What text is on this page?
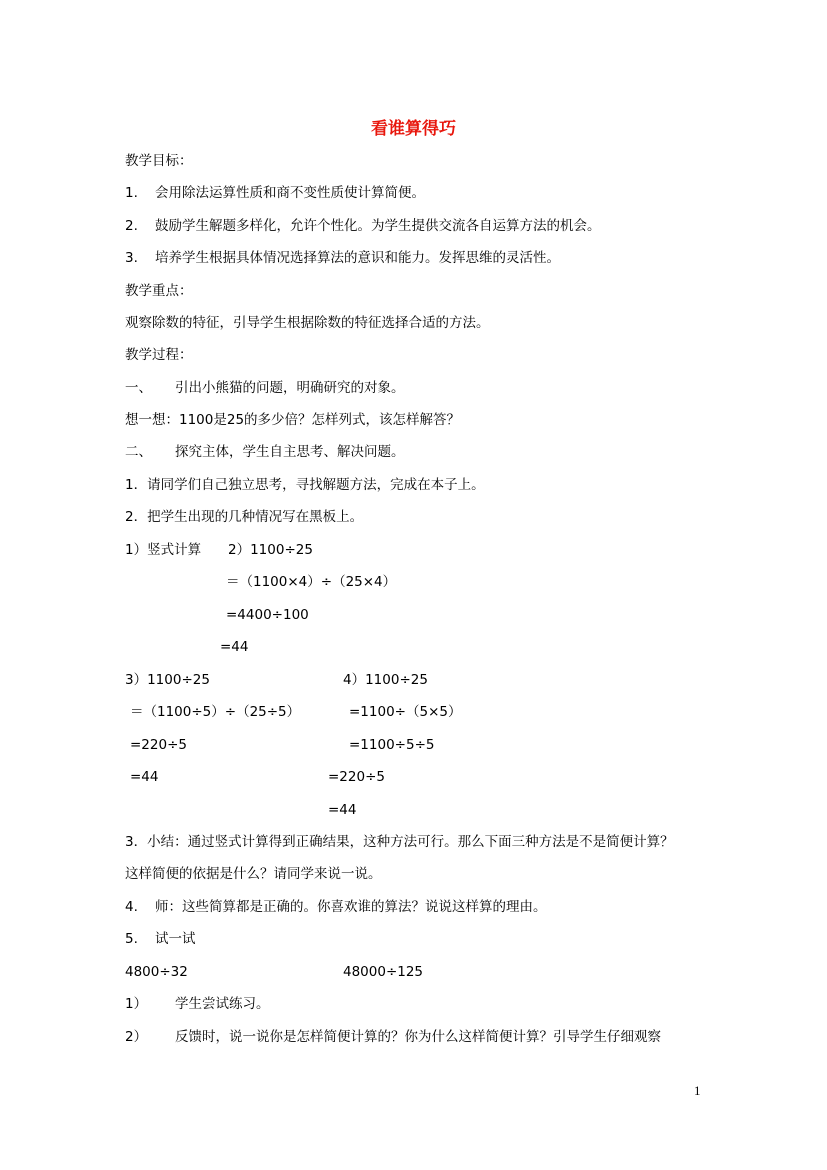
看谁算得巧
教学目标：
1. 会用除法运算性质和商不变性质使计算简便。
2. 鼓励学生解题多样化，允许个性化。为学生提供交流各自运算方法的机会。
3. 培养学生根据具体情况选择算法的意识和能力。发挥思维的灵活性。
教学重点：
观察除数的特征，引导学生根据除数的特征选择合适的方法。
教学过程：
一、 引出小熊猫的问题，明确研究的对象。
想一想：1100是25的多少倍？怎样列式，该怎样解答？
二、 探究主体，学生自主思考、解决问题。
1．请同学们自己独立思考，寻找解题方法，完成在本子上。
2．把学生出现的几种情况写在黑板上。
1）竖式计算 2）1100÷25
＝（1100×4）÷（25×4）
=4400÷100
=44
3）1100÷25
＝（1100÷5）÷（25÷5）
=220÷5
=44
4）1100÷25
=1100÷（5×5）
=1100÷5÷5
=220÷5
=44
3．小结：通过竖式计算得到正确结果，这种方法可行。那么下面三种方法是不是简便计算？
这样简便的依据是什么？请同学来说一说。
4. 师：这些简算都是正确的。你喜欢谁的算法？说说这样算的理由。
5. 试一试
4800÷32	48000÷125
1） 学生尝试练习。
2） 反馈时，说一说你是怎样简便计算的？你为什么这样简便计算？引导学生仔细观察
1
